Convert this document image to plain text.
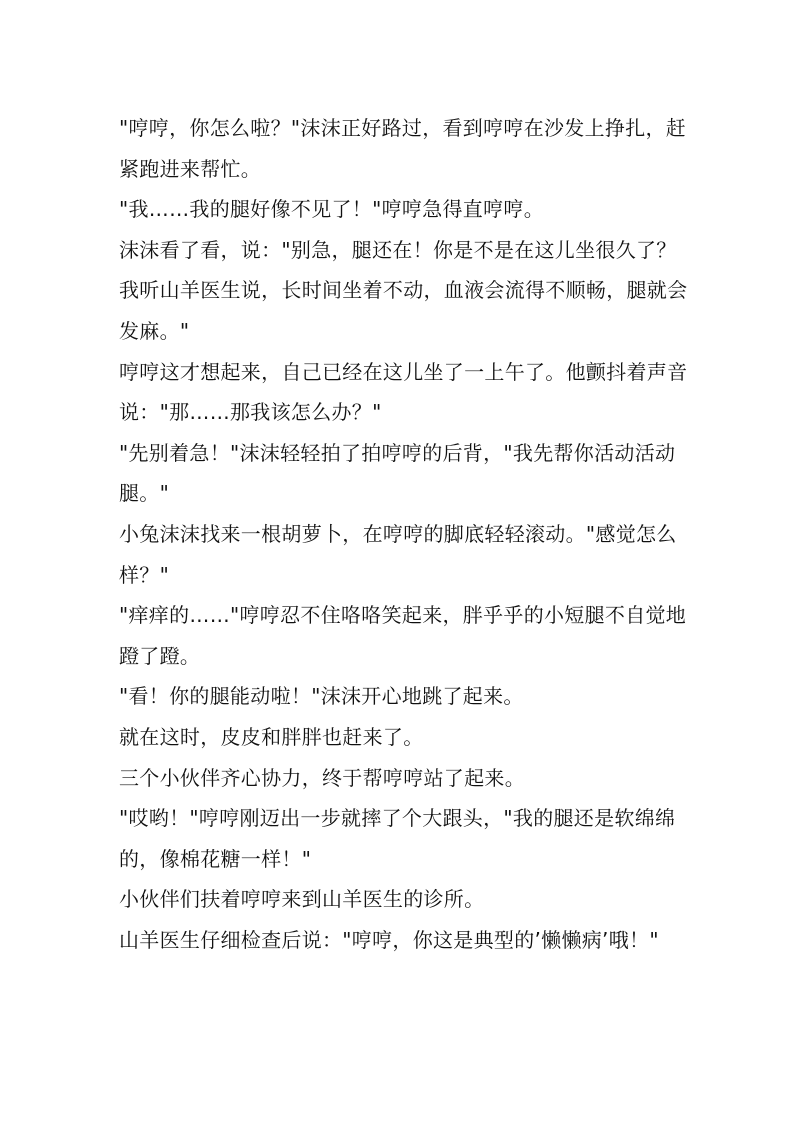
"哼哼，你怎么啦？"沫沫正好路过，看到哼哼在沙发上挣扎，赶紧跑进来帮忙。

"我……我的腿好像不见了！"哼哼急得直哼哼。

沫沫看了看，说："别急，腿还在！你是不是在这儿坐很久了？我听山羊医生说，长时间坐着不动，血液会流得不顺畅，腿就会发麻。"

哼哼这才想起来，自己已经在这儿坐了一上午了。他颤抖着声音说："那……那我该怎么办？"

"先别着急！"沫沫轻轻拍了拍哼哼的后背，"我先帮你活动活动腿。"

小兔沫沫找来一根胡萝卜，在哼哼的脚底轻轻滚动。"感觉怎么样？"

"痒痒的……"哼哼忍不住咯咯笑起来，胖乎乎的小短腿不自觉地蹬了蹬。

"看！你的腿能动啦！"沫沫开心地跳了起来。

就在这时，皮皮和胖胖也赶来了。

三个小伙伴齐心协力，终于帮哼哼站了起来。

"哎哟！"哼哼刚迈出一步就摔了个大跟头，"我的腿还是软绵绵的，像棉花糖一样！"

小伙伴们扶着哼哼来到山羊医生的诊所。

山羊医生仔细检查后说："哼哼，你这是典型的’懒懒病’哦！"
